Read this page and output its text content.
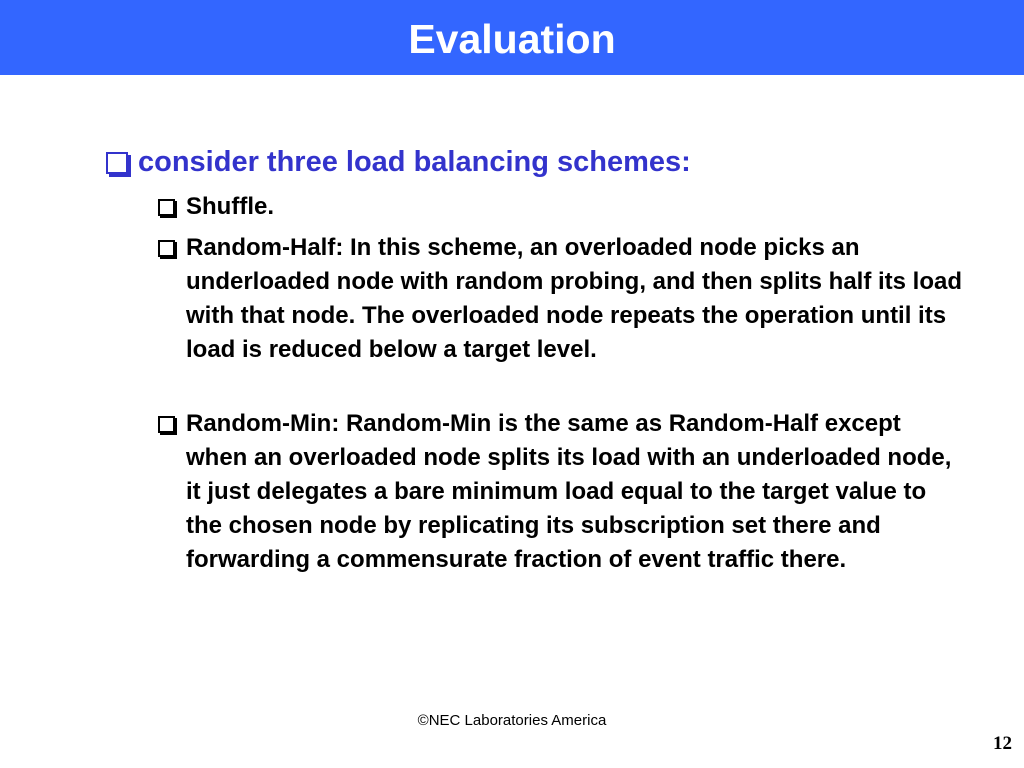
Evaluation
consider three load balancing schemes:
Shuffle.
Random-Half: In this scheme, an overloaded node picks an underloaded node with random probing, and then splits half its load with that node. The overloaded node repeats the operation until its load is reduced below a target level.
Random-Min: Random-Min is the same as Random-Half except when an overloaded node splits its load with an underloaded node, it just delegates a bare minimum load equal to the target value to the chosen node by replicating its subscription set there and forwarding a commensurate fraction of event traffic there.
©NEC Laboratories America
12
